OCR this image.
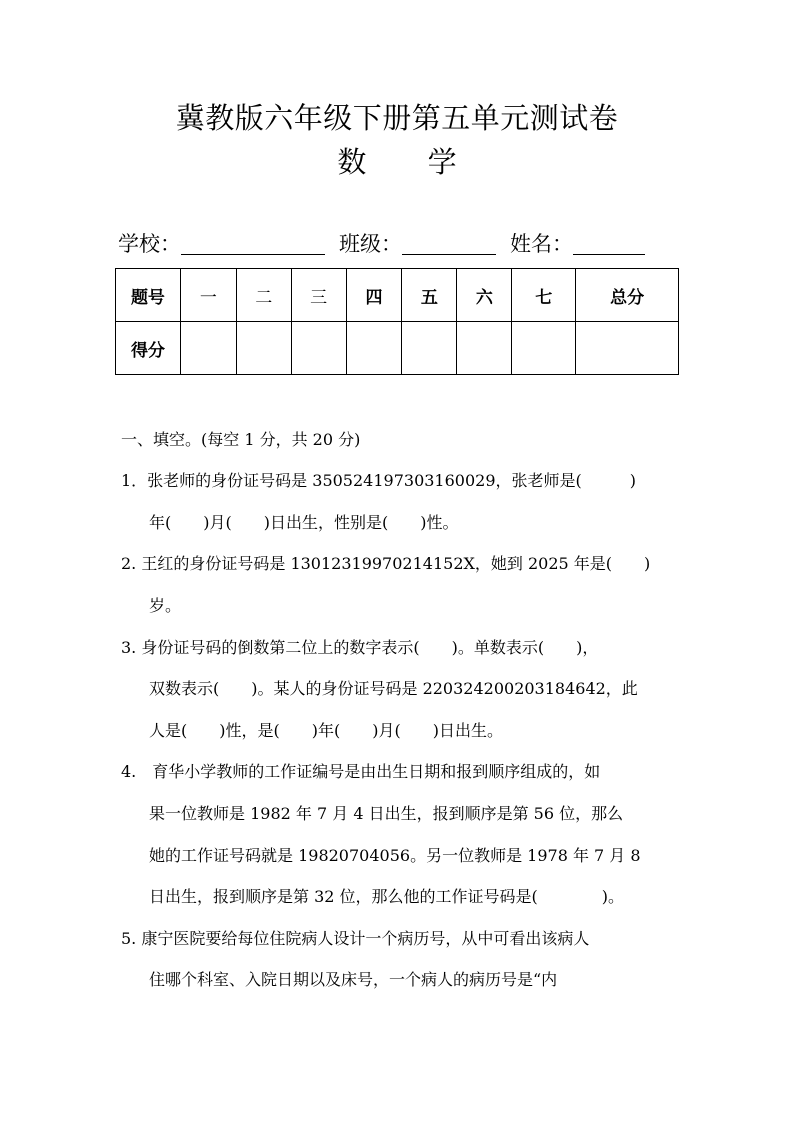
冀教版六年级下册第五单元测试卷
数 学
学校：	班级：	姓名：
题号	一	二	三	四	五	六	七	总分
得分								
一、填空。(每空 1 分，共 20 分)
1．张老师的身份证号码是 350524197303160029，张老师是(　　　)
年(　　)月(　　)日出生，性别是(　　)性。
2. 王红的身份证号码是 13012319970214152X，她到 2025 年是(　　)
岁。
3. 身份证号码的倒数第二位上的数字表示(　　)。单数表示(　　)，
双数表示(　　)。某人的身份证号码是 220324200203184642，此
人是(　　)性，是(　　)年(　　)月(　　)日出生。
4.　育华小学教师的工作证编号是由出生日期和报到顺序组成的，如
果一位教师是 1982 年 7 月 4 日出生，报到顺序是第 56 位，那么
她的工作证号码就是 19820704056。另一位教师是 1978 年 7 月 8
日出生，报到顺序是第 32 位，那么他的工作证号码是(　　　　)。
5. 康宁医院要给每位住院病人设计一个病历号，从中可看出该病人
住哪个科室、入院日期以及床号，一个病人的病历号是“内
